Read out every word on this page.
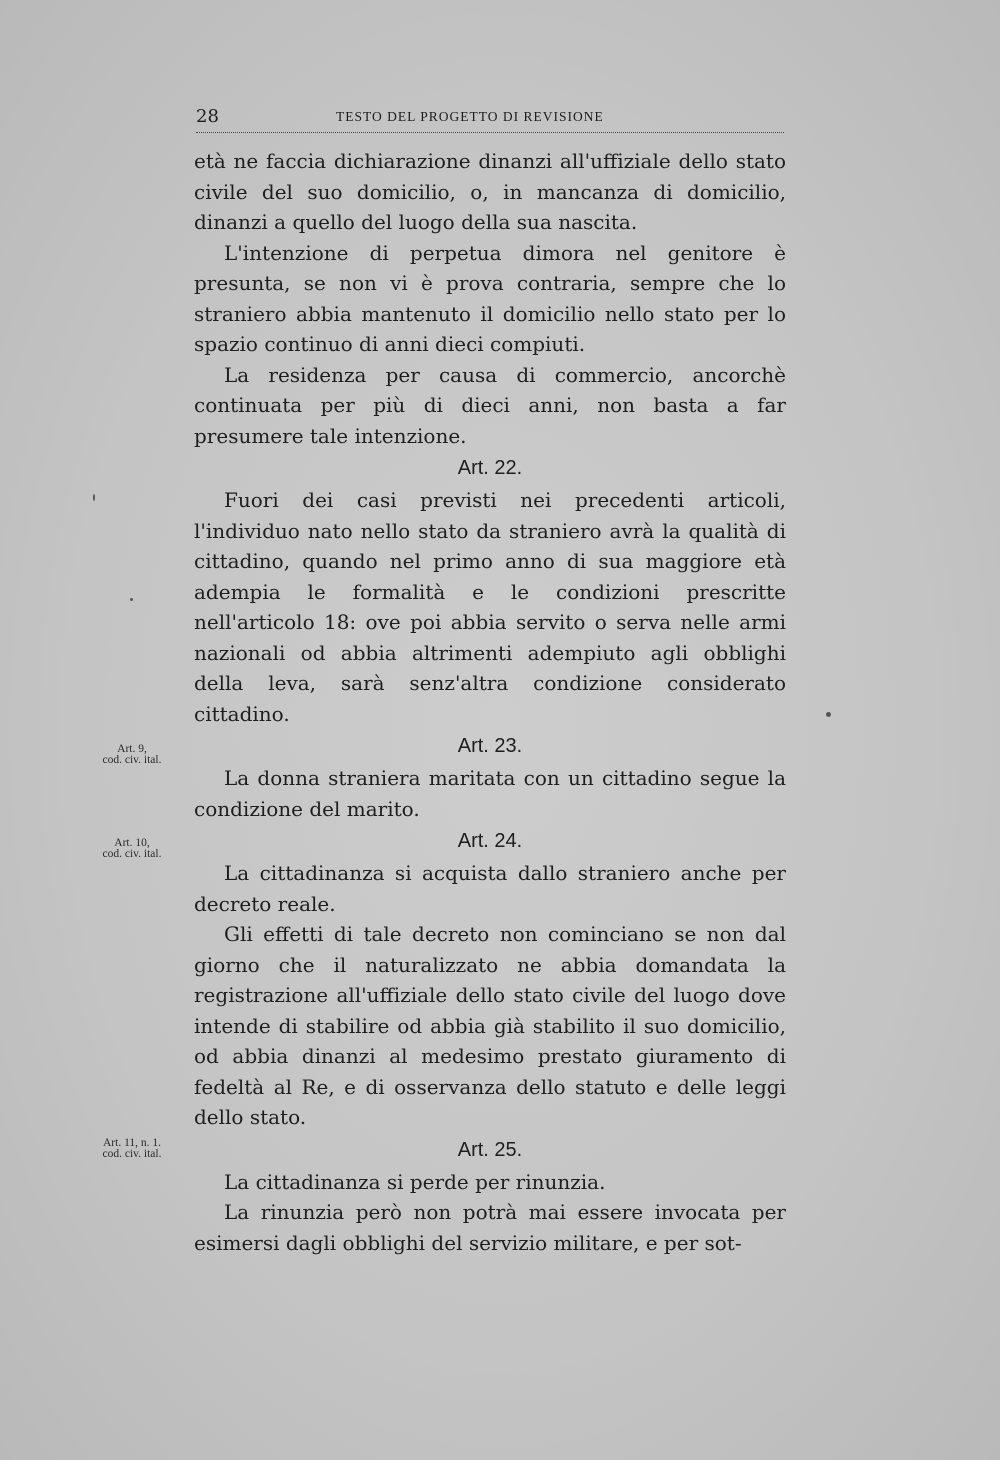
28	TESTO DEL PROGETTO DI REVISIONE

età ne faccia dichiarazione dinanzi all'uffiziale dello stato civile del suo domicilio, o, in mancanza di domicilio, dinanzi a quello del luogo della sua nascita.

L'intenzione di perpetua dimora nel genitore è presunta, se non vi è prova contraria, sempre che lo straniero abbia mantenuto il domicilio nello stato per lo spazio continuo di anni dieci compiuti.

La residenza per causa di commercio, ancorchè continuata per più di dieci anni, non basta a far presumere tale intenzione.

Art. 22.

Fuori dei casi previsti nei precedenti articoli, l'individuo nato nello stato da straniero avrà la qualità di cittadino, quando nel primo anno di sua maggiore età adempia le formalità e le condizioni prescritte nell'articolo 18: ove poi abbia servito o serva nelle armi nazionali od abbia altrimenti adempiuto agli obblighi della leva, sarà senz'altra condizione considerato cittadino.

Art. 23.

La donna straniera maritata con un cittadino segue la condizione del marito.

Art. 24.

La cittadinanza si acquista dallo straniero anche per decreto reale.

Gli effetti di tale decreto non cominciano se non dal giorno che il naturalizzato ne abbia domandata la registrazione all'uffiziale dello stato civile del luogo dove intende di stabilire od abbia già stabilito il suo domicilio, od abbia dinanzi al medesimo prestato giuramento di fedeltà al Re, e di osservanza dello statuto e delle leggi dello stato.

Art. 25.

La cittadinanza si perde per rinunzia.

La rinunzia però non potrà mai essere invocata per esimersi dagli obblighi del servizio militare, e per sot-

Art. 9,
cod. civ. ital.
Art. 10,
cod. civ. ital.
Art. 11, n. 1.
cod. civ. ital.
